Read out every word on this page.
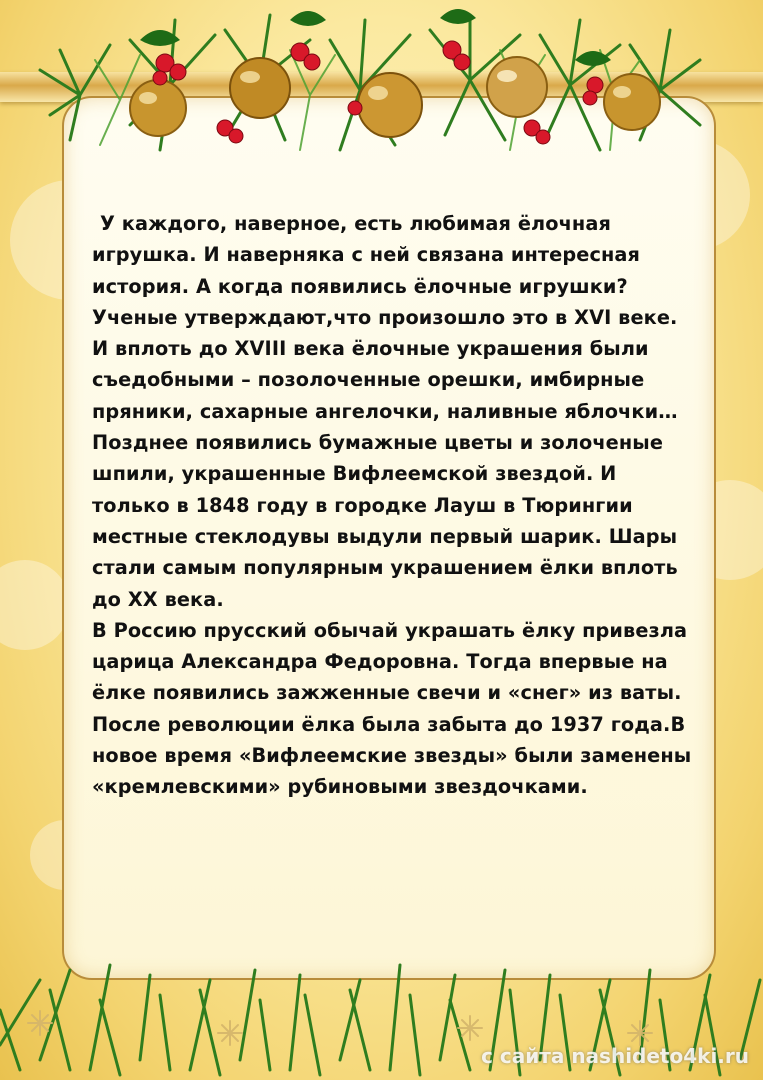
У каждого, наверное, есть любимая ёлочная игрушка. И наверняка с ней связана интересная история. А когда появились ёлочные игрушки? Ученые утверждают,что произошло это в XVI веке.

И вплоть до XVIII века ёлочные украшения были съедобными – позолоченные орешки, имбирные пряники, сахарные ангелочки, наливные яблочки…Позднее появились бумажные цветы и золоченые шпили, украшенные Вифлеемской звездой. И только в 1848 году в городке Лауш в Тюрингии местные стеклодувы выдули первый шарик. Шары стали самым популярным украшением ёлки вплоть до XX века.

В Россию прусский обычай украшать ёлку привезла царица Александра Федоровна. Тогда впервые на ёлке появились зажженные свечи и «снег» из ваты. После революции ёлка была забыта до 1937 года.В новое время «Вифлеемские звезды» были заменены «кремлевскими» рубиновыми звездочками.

с сайта nashideto4ki.ru
